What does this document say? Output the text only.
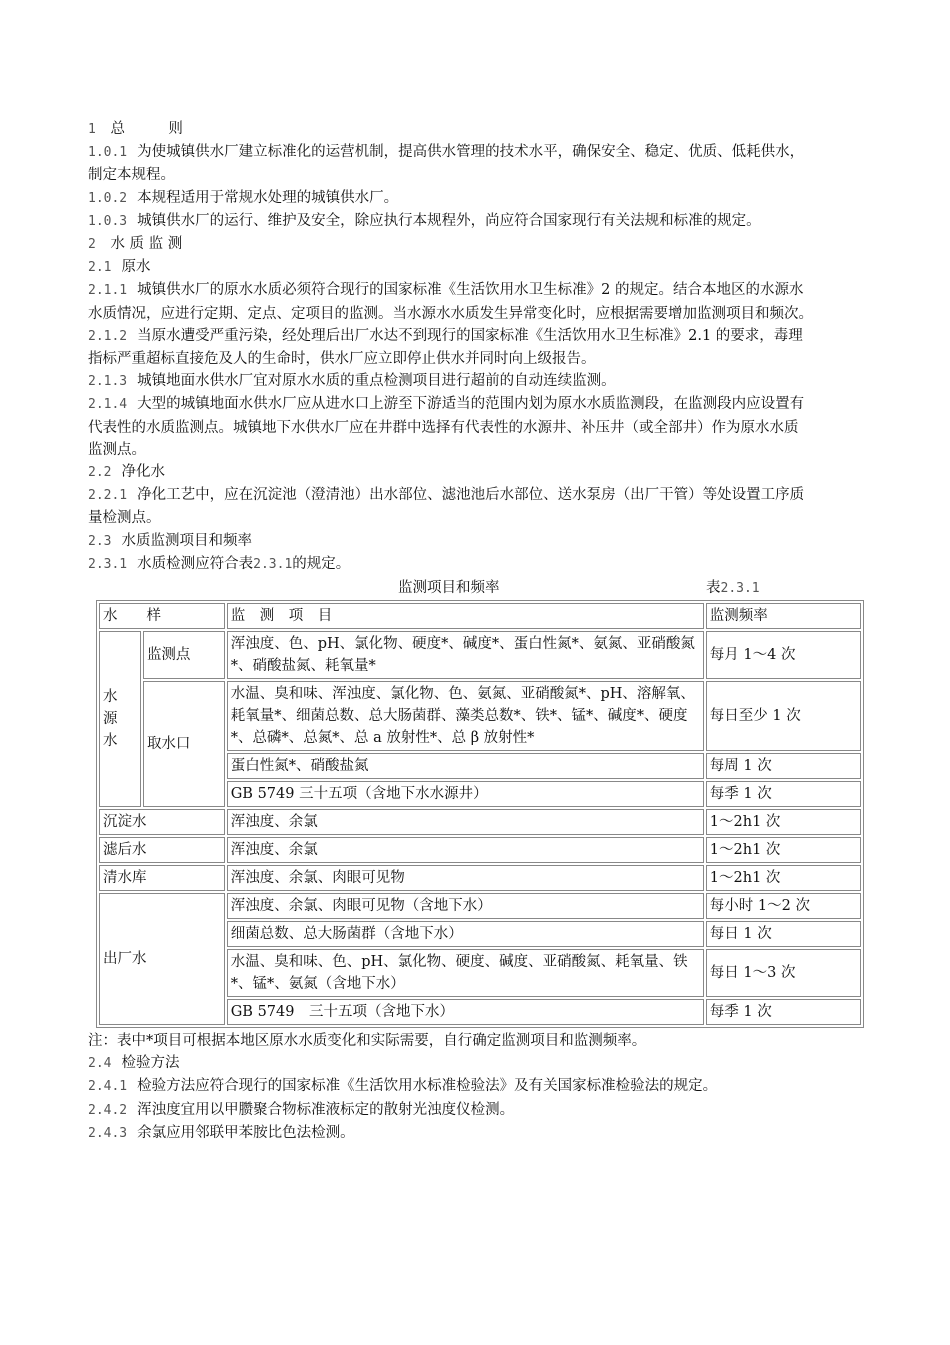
1 总　　　则
1.0.1 为使城镇供水厂建立标准化的运营机制，提高供水管理的技术水平，确保安全、稳定、优质、低耗供水，
制定本规程。
1.0.2 本规程适用于常规水处理的城镇供水厂。
1.0.3 城镇供水厂的运行、维护及安全，除应执行本规程外，尚应符合国家现行有关法规和标准的规定。
2 水 质 监 测
2.1 原水
2.1.1 城镇供水厂的原水水质必须符合现行的国家标准《生活饮用水卫生标准》2 的规定。结合本地区的水源水
水质情况，应进行定期、定点、定项目的监测。当水源水水质发生异常变化时，应根据需要增加监测项目和频次。
2.1.2 当原水遭受严重污染，经处理后出厂水达不到现行的国家标准《生活饮用水卫生标准》2.1 的要求，毒理
指标严重超标直接危及人的生命时，供水厂应立即停止供水并同时向上级报告。
2.1.3 城镇地面水供水厂宜对原水水质的重点检测项目进行超前的自动连续监测。
2.1.4 大型的城镇地面水供水厂应从进水口上游至下游适当的范围内划为原水水质监测段，在监测段内应设置有
代表性的水质监测点。城镇地下水供水厂应在井群中选择有代表性的水源井、补压井（或全部井）作为原水水质
监测点。
2.2 净化水
2.2.1 净化工艺中，应在沉淀池（澄清池）出水部位、滤池池后水部位、送水泵房（出厂干管）等处设置工序质
量检测点。
2.3 水质监测项目和频率
2.3.1 水质检测应符合表2.3.1的规定。
监测项目和频率	表2.3.1
水　　样		监　测　项　目	监测频率

水
源
水	监测点	浑浊度、色、pH、氯化物、硬度*、碱度*、蛋白性氮*、氨氮、亚硝酸氮*、硝酸盐氮、耗氧量*	每月 1～4 次
	取水口	水温、臭和味、浑浊度、氯化物、色、氨氮、亚硝酸氮*、pH、溶解氧、耗氧量*、细菌总数、总大肠菌群、藻类总数*、铁*、锰*、碱度*、硬度*、总磷*、总氮*、总 a 放射性*、总 β 放射性*	每日至少 1 次
		蛋白性氮*、硝酸盐氮	每周 1 次
		GB 5749 三十五项（含地下水水源井）	每季 1 次
沉淀水		浑浊度、余氯	1～2h1 次
滤后水		浑浊度、余氯	1～2h1 次
清水库		浑浊度、余氯、肉眼可见物	1～2h1 次
出厂水		浑浊度、余氯、肉眼可见物（含地下水）	每小时 1～2 次
		细菌总数、总大肠菌群（含地下水）	每日 1 次
		水温、臭和味、色、pH、氯化物、硬度、碱度、亚硝酸氮、耗氧量、铁*、锰*、氨氮（含地下水）	每日 1～3 次
		GB 5749　三十五项（含地下水）	每季 1 次
注：表中*项目可根据本地区原水水质变化和实际需要，自行确定监测项目和监测频率。
2.4 检验方法
2.4.1 检验方法应符合现行的国家标准《生活饮用水标准检验法》及有关国家标准检验法的规定。
2.4.2 浑浊度宜用以甲臜聚合物标准液标定的散射光浊度仪检测。
2.4.3 余氯应用邻联甲苯胺比色法检测。
